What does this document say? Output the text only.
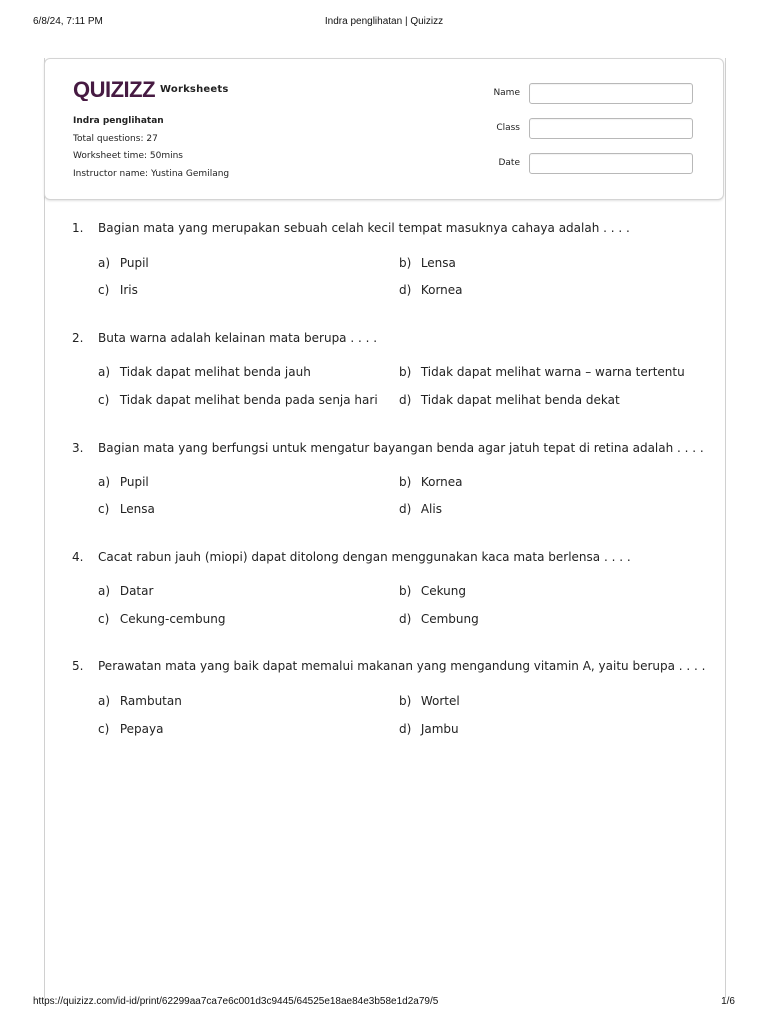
6/8/24, 7:11 PM	Indra penglihatan | Quizizz
QUIZIZZ Worksheets
Indra penglihatan
Total questions: 27
Worksheet time: 50mins
Instructor name: Yustina Gemilang
Name
Class
Date
1. Bagian mata yang merupakan sebuah celah kecil tempat masuknya cahaya adalah . . . .
a) Pupil	b) Lensa
c) Iris	d) Kornea
2. Buta warna adalah kelainan mata berupa . . . .
a) Tidak dapat melihat benda jauh	b) Tidak dapat melihat warna – warna tertentu
c) Tidak dapat melihat benda pada senja hari d) Tidak dapat melihat benda dekat
3. Bagian mata yang berfungsi untuk mengatur bayangan benda agar jatuh tepat di retina adalah . . . .
a) Pupil	b) Kornea
c) Lensa	d) Alis
4. Cacat rabun jauh (miopi) dapat ditolong dengan menggunakan kaca mata berlensa . . . .
a) Datar	b) Cekung
c) Cekung-cembung	d) Cembung
5. Perawatan mata yang baik dapat memalui makanan yang mengandung vitamin A, yaitu berupa . . . .
a) Rambutan	b) Wortel
c) Pepaya	d) Jambu
https://quizizz.com/id-id/print/62299aa7ca7e6c001d3c9445/64525e18ae84e3b58e1d2a79/5	1/6
